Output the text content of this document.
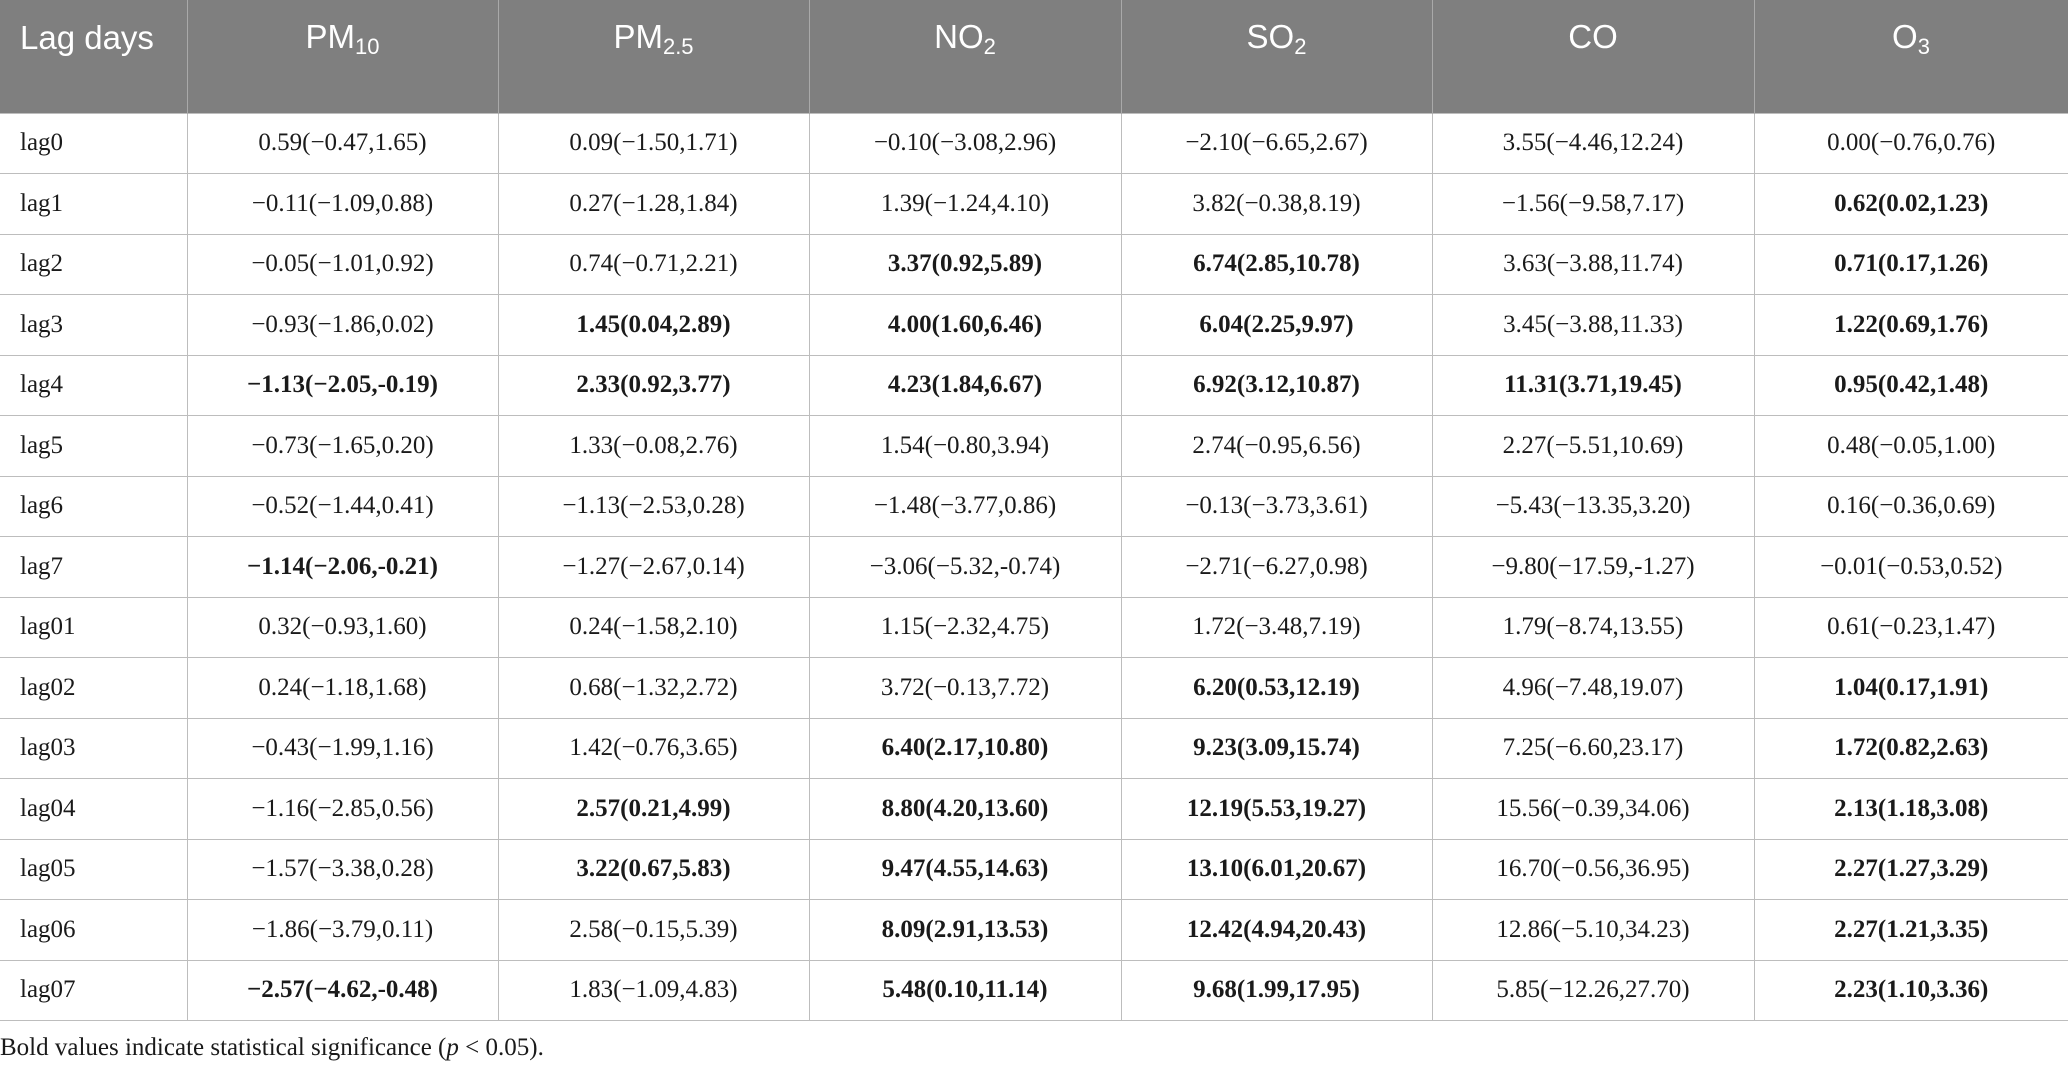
Lag days	$PM_{10}$	$PM_{2.5}$	$NO_2$	$SO_2$	CO	$O_3$
lag0	0.59(−0.47,1.65)	0.09(−1.50,1.71)	−0.10(−3.08,2.96)	−2.10(−6.65,2.67)	3.55(−4.46,12.24)	0.00(−0.76,0.76)
lag1	−0.11(−1.09,0.88)	0.27(−1.28,1.84)	1.39(−1.24,4.10)	3.82(−0.38,8.19)	−1.56(−9.58,7.17)	0.62(0.02,1.23)
lag2	−0.05(−1.01,0.92)	0.74(−0.71,2.21)	3.37(0.92,5.89)	6.74(2.85,10.78)	3.63(−3.88,11.74)	0.71(0.17,1.26)
lag3	−0.93(−1.86,0.02)	1.45(0.04,2.89)	4.00(1.60,6.46)	6.04(2.25,9.97)	3.45(−3.88,11.33)	1.22(0.69,1.76)
lag4	−1.13(−2.05,-0.19)	2.33(0.92,3.77)	4.23(1.84,6.67)	6.92(3.12,10.87)	11.31(3.71,19.45)	0.95(0.42,1.48)
lag5	−0.73(−1.65,0.20)	1.33(−0.08,2.76)	1.54(−0.80,3.94)	2.74(−0.95,6.56)	2.27(−5.51,10.69)	0.48(−0.05,1.00)
lag6	−0.52(−1.44,0.41)	−1.13(−2.53,0.28)	−1.48(−3.77,0.86)	−0.13(−3.73,3.61)	−5.43(−13.35,3.20)	0.16(−0.36,0.69)
lag7	−1.14(−2.06,-0.21)	−1.27(−2.67,0.14)	−3.06(−5.32,-0.74)	−2.71(−6.27,0.98)	−9.80(−17.59,-1.27)	−0.01(−0.53,0.52)
lag01	0.32(−0.93,1.60)	0.24(−1.58,2.10)	1.15(−2.32,4.75)	1.72(−3.48,7.19)	1.79(−8.74,13.55)	0.61(−0.23,1.47)
lag02	0.24(−1.18,1.68)	0.68(−1.32,2.72)	3.72(−0.13,7.72)	6.20(0.53,12.19)	4.96(−7.48,19.07)	1.04(0.17,1.91)
lag03	−0.43(−1.99,1.16)	1.42(−0.76,3.65)	6.40(2.17,10.80)	9.23(3.09,15.74)	7.25(−6.60,23.17)	1.72(0.82,2.63)
lag04	−1.16(−2.85,0.56)	2.57(0.21,4.99)	8.80(4.20,13.60)	12.19(5.53,19.27)	15.56(−0.39,34.06)	2.13(1.18,3.08)
lag05	−1.57(−3.38,0.28)	3.22(0.67,5.83)	9.47(4.55,14.63)	13.10(6.01,20.67)	16.70(−0.56,36.95)	2.27(1.27,3.29)
lag06	−1.86(−3.79,0.11)	2.58(−0.15,5.39)	8.09(2.91,13.53)	12.42(4.94,20.43)	12.86(−5.10,34.23)	2.27(1.21,3.35)
lag07	−2.57(−4.62,-0.48)	1.83(−1.09,4.83)	5.48(0.10,11.14)	9.68(1.99,17.95)	5.85(−12.26,27.70)	2.23(1.10,3.36)
Bold values indicate statistical significance (p < 0.05).
